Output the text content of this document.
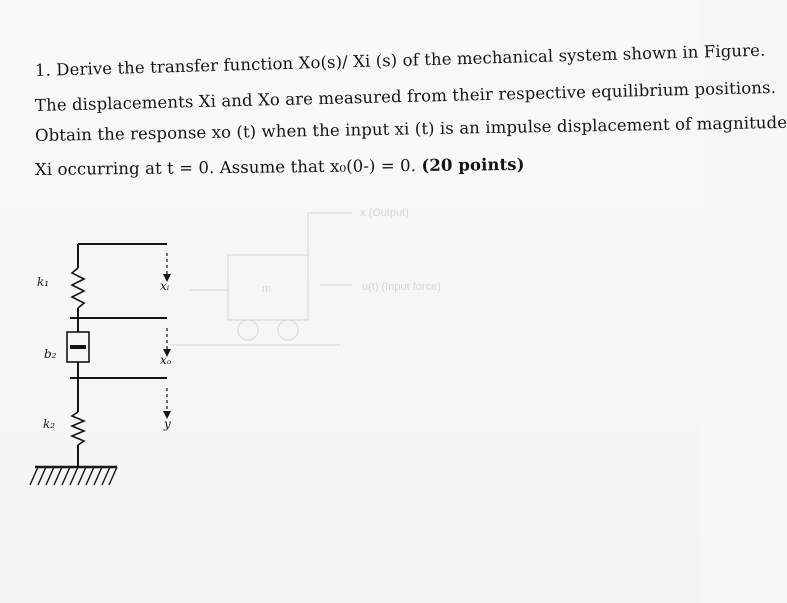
1. Derive the transfer function Xo(s)/ Xi (s) of the mechanical system shown in Figure.
The displacements Xi and Xo are measured from their respective equilibrium positions.
Obtain the response xo (t) when the input xi (t) is an impulse displacement of magnitude
Xi occurring at t = 0. Assume that x₀(0-) = 0. (20 points)
x (Output)
u(t) (Input force)
m
k₁
b₂
k₂
xᵢ
xₒ
y
